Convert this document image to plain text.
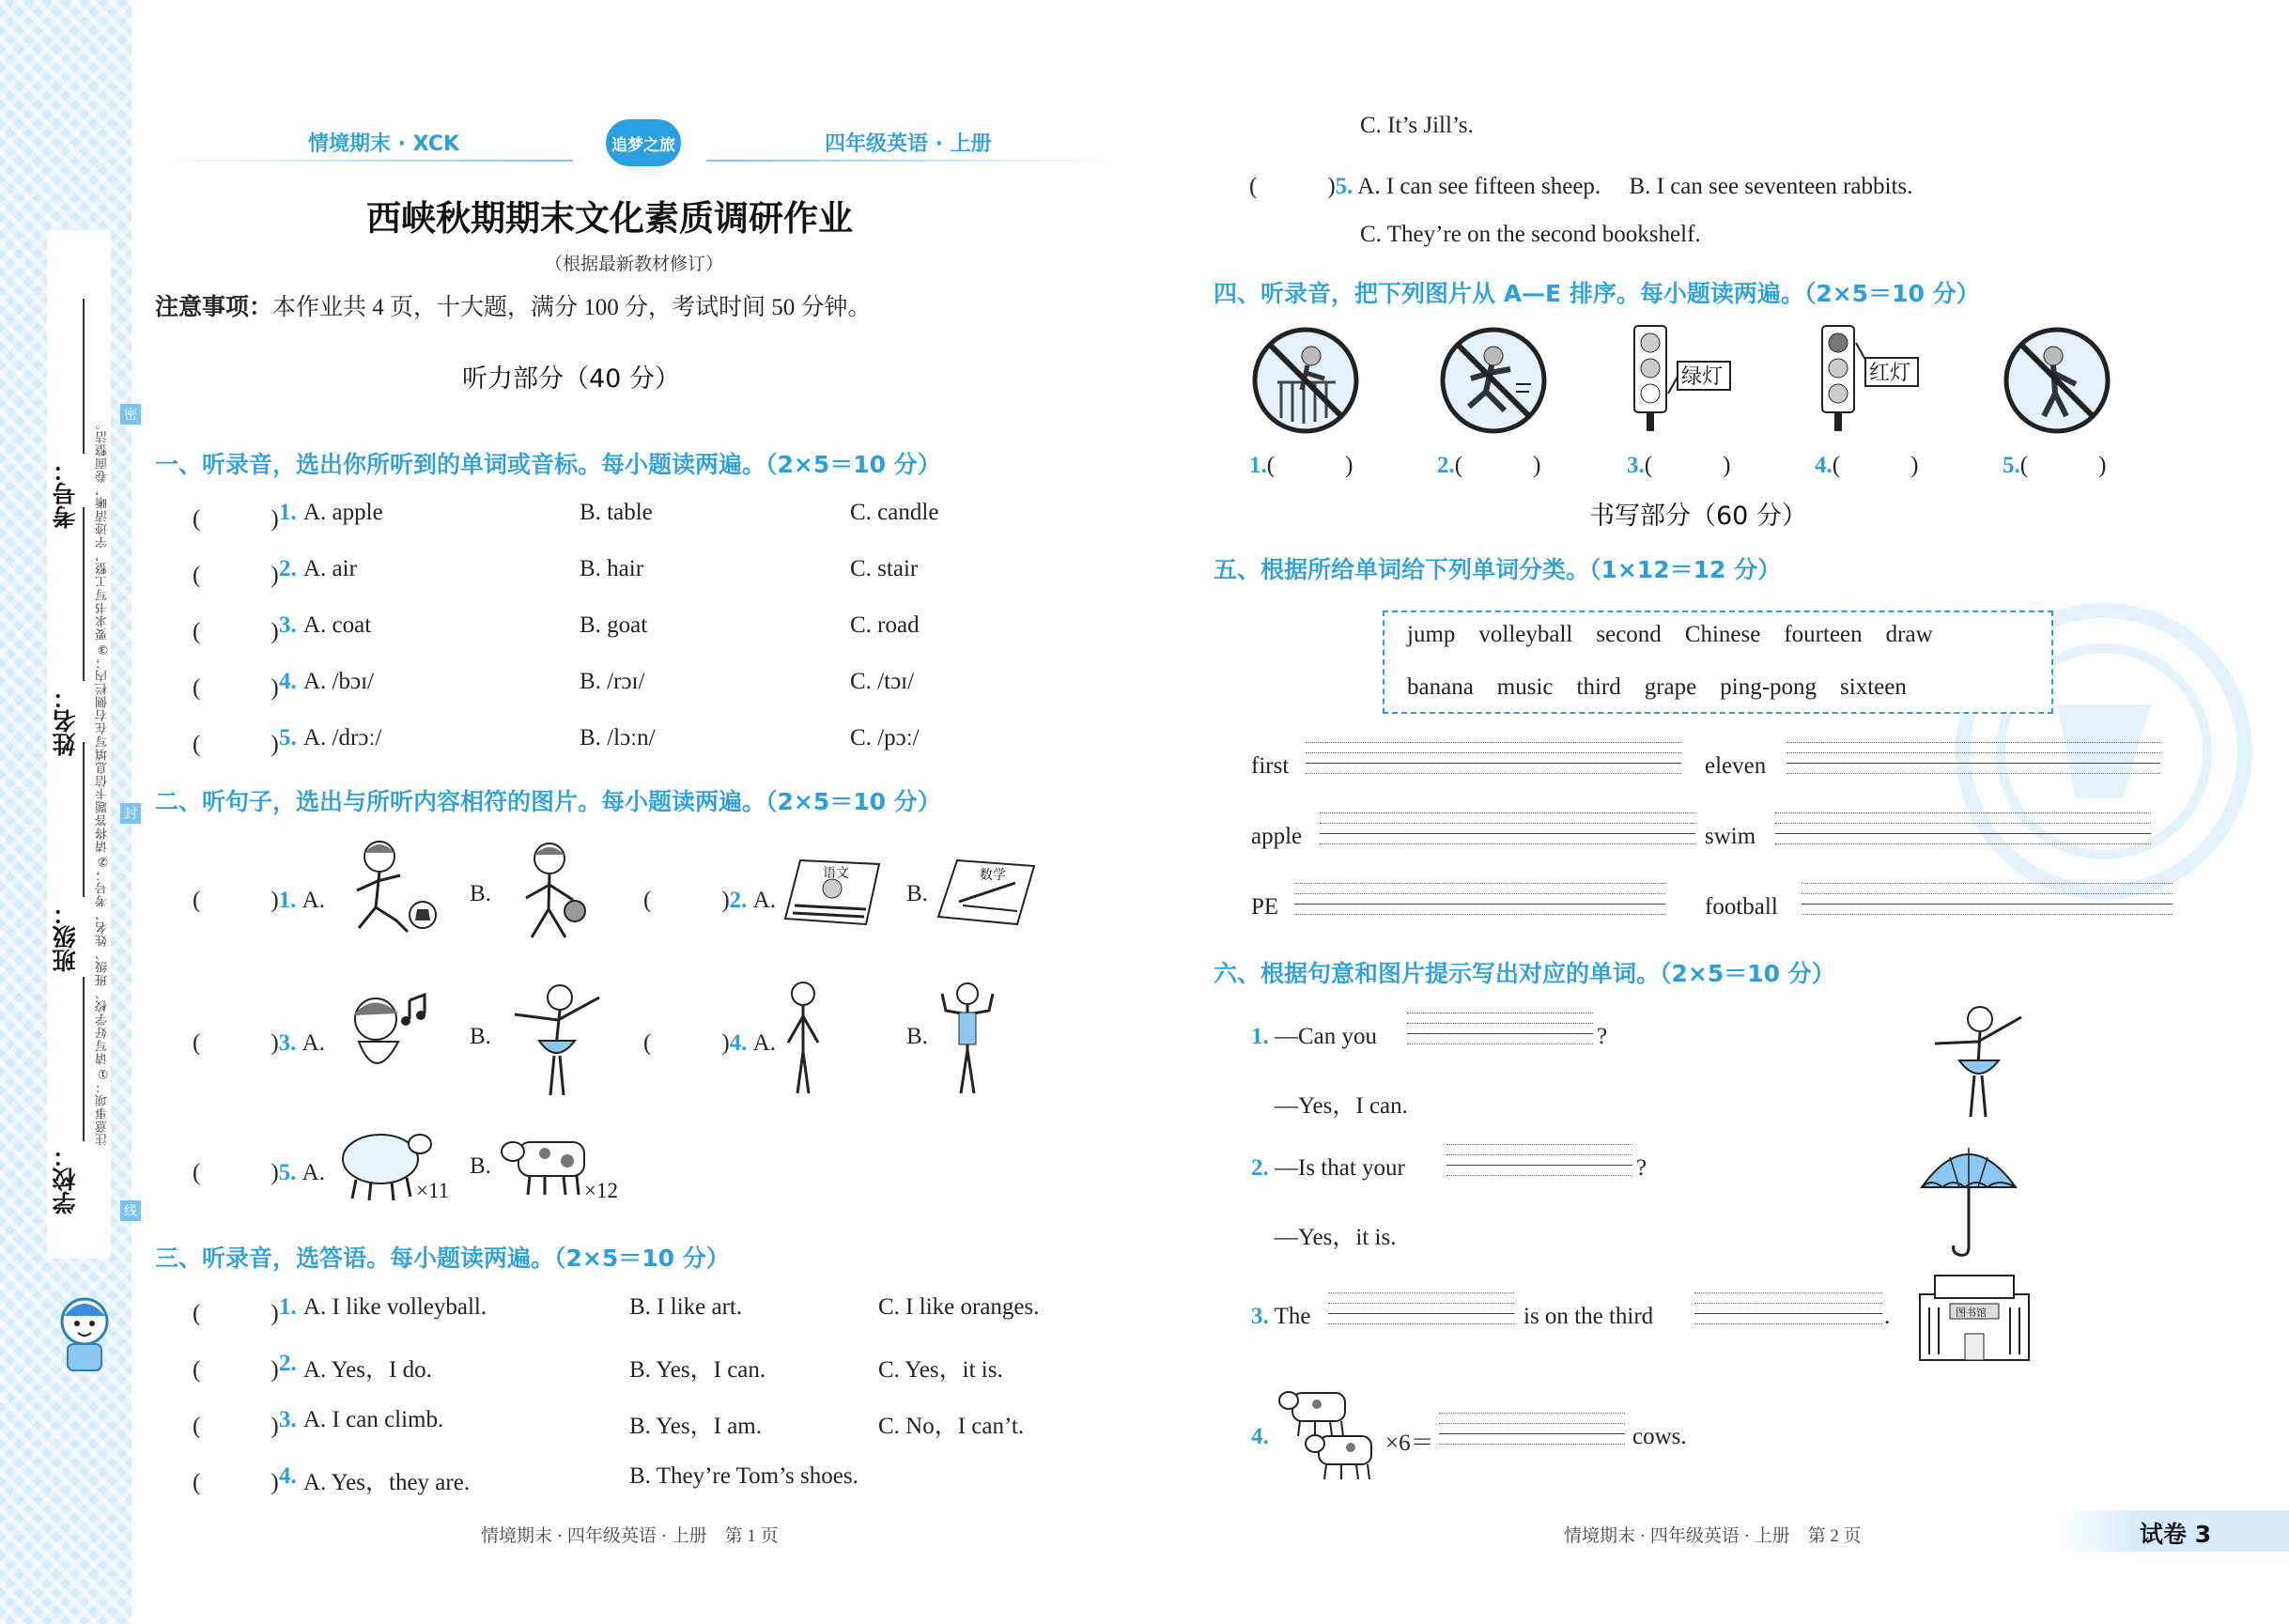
考号：
姓名：
班级：
学校：
注意事项：①请写好学校、班级、姓名、考号；②请将答题卡信息填写在右侧栏内；③要求书写工整，字迹清晰，卷面整洁。
密
封
线
情境期末 · XCK	追梦之旅	四年级英语 · 上册
西峡秋期期末文化素质调研作业
（根据最新教材修订）
注意事项：本作业共 4 页，十大题，满分 100 分，考试时间 50 分钟。
听力部分（40 分）
一、听录音，选出你所听到的单词或音标。每小题读两遍。（2×5＝10 分）
(　　　) 1. A. apple	B. table	C. candle
(　　　) 2. A. air	B. hair	C. stair
(　　　) 3. A. coat	B. goat	C. road
(　　　) 4. A. /bɔɪ/	B. /rɔɪ/	C. /tɔɪ/
(　　　) 5. A. /drɔː/	B. /lɔːn/	C. /pɔː/
二、听句子，选出与所听内容相符的图片。每小题读两遍。（2×5＝10 分）
(　　　)1. A.	B.	(　　　)2. A.
语文
B.
数学
(　　　)3. A.	B.	(　　　)4. A.	B.
(　　　)5. A.
×11
B.
×12
三、听录音，选答语。每小题读两遍。（2×5＝10 分）
(　　　) 1. A. I like volleyball.	B. I like art.	C. I like oranges.
(　　　) 2. A. Yes，I do.	B. Yes，I can.	C. Yes，it is.
(　　　) 3. A. I can climb.	B. Yes，I am.	C. No，I can’t.
(　　　) 4. A. Yes，they are.	B. They’re Tom’s shoes.
情境期末 · 四年级英语 · 上册　第 1 页
C. It’s Jill’s.
(　　　)5. A. I can see fifteen sheep. B. I can see seventeen rabbits.
C. They’re on the second bookshelf.
四、听录音，把下列图片从 A—E 排序。每小题读两遍。（2×5＝10 分）
绿灯	红灯
1.(　　　)	2.(　　　)	3.(　　　)	4.(　　　)	5.(　　　)
书写部分（60 分）
五、根据所给单词给下列单词分类。（1×12＝12 分）
jump volleyball second Chinese fourteen draw
banana music third grape ping-pong sixteen
first	eleven
apple	swim
PE	football
六、根据句意和图片提示写出对应的单词。（2×5＝10 分）
1. —Can you	?
—Yes，I can.
2. —Is that your	?
—Yes，it is.
3. The	is on the third	.	图书馆
4.	×6＝	cows.
情境期末 · 四年级英语 · 上册　第 2 页	试卷 3
